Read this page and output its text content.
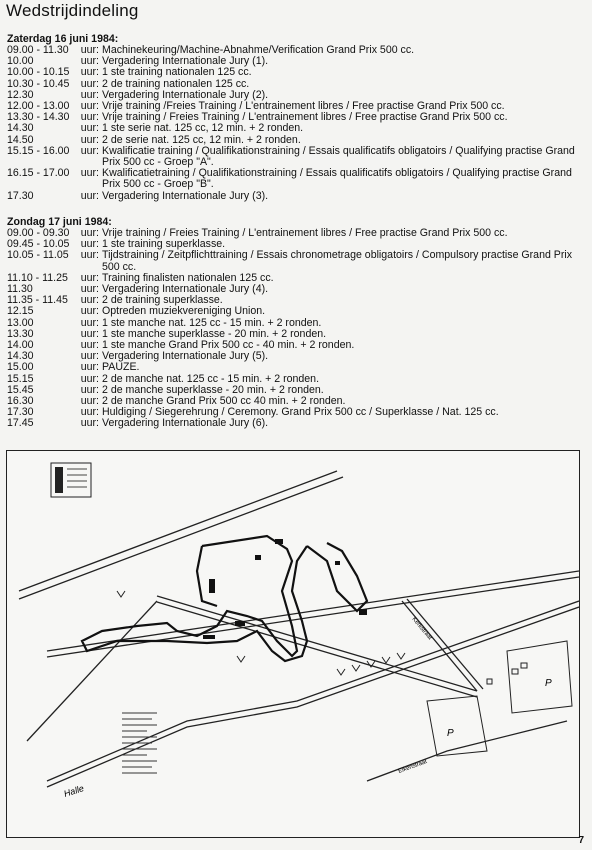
Wedstrijdindeling

Zaterdag 16 juni 1984:

09.00 - 11.30	uur: Machinekeuring/Machine-Abnahme/Verification Grand Prix 500 cc.
10.00	uur: Vergadering Internationale Jury (1).
10.00 - 10.15	uur: 1 ste training nationalen 125 cc.
10.30 - 10.45	uur: 2 de training nationalen 125 cc.
12.30	uur: Vergadering Internationale Jury (2).
12.00 - 13.00	uur: Vrije training /Freies Training / L'entrainement libres / Free practise Grand Prix 500 cc.
13.30 - 14.30	uur: Vrije training / Freies Training / L'entrainement libres / Free practise Grand Prix 500 cc.
14.30	uur: 1 ste serie nat. 125 cc, 12 min. + 2 ronden.
14.50	uur: 2 de serie nat. 125 cc, 12 min. + 2 ronden.
15.15 - 16.00	uur: Kwalificatie training / Qualifikationstraining / Essais qualificatifs obligatoirs / Qualifying practise Grand Prix 500 cc - Groep "A".
16.15 - 17.00	uur: Kwalificatietraining / Qualifikationstraining / Essais qualificatifs obligatoirs / Qualifying practise Grand Prix 500 cc - Groep "B".
17.30	uur: Vergadering Internationale Jury (3).

Zondag 17 juni 1984:

09.00 - 09.30	uur: Vrije training / Freies Training / L'entrainement libres / Free practise Grand Prix 500 cc.
09.45 - 10.05	uur: 1 ste training superklasse.
10.05 - 11.05	uur: Tijdstraining / Zeitpflichttraining / Essais chronometrage obligatoirs / Compulsory practise Grand Prix 500 cc.
11.10 - 11.25	uur: Training finalisten nationalen 125 cc.
11.30	uur: Vergadering Internationale Jury (4).
11.35 - 11.45	uur: 2 de training superklasse.
12.15	uur: Optreden muziekvereniging Union.
13.00	uur: 1 ste manche nat. 125 cc - 15 min. + 2 ronden.
13.30	uur: 1 ste manche superklasse - 20 min. + 2 ronden.
14.00	uur: 1 ste manche Grand Prix 500 cc - 40 min. + 2 ronden.
14.30	uur: Vergadering Internationale Jury (5).
15.00	uur: PAUZE.
15.15	uur: 2 de manche nat. 125 cc - 15 min. + 2 ronden.
15.45	uur: 2 de manche superklasse - 20 min. + 2 ronden.
16.30	uur: 2 de manche Grand Prix 500 cc 40 min. + 2 ronden.
17.30	uur: Huldiging / Siegerehrung / Ceremony. Grand Prix 500 cc / Superklasse / Nat. 125 cc.
17.45	uur: Vergadering Internationale Jury (6).
Halle
Eikenstraat
Kerkstraat
P
P
7
